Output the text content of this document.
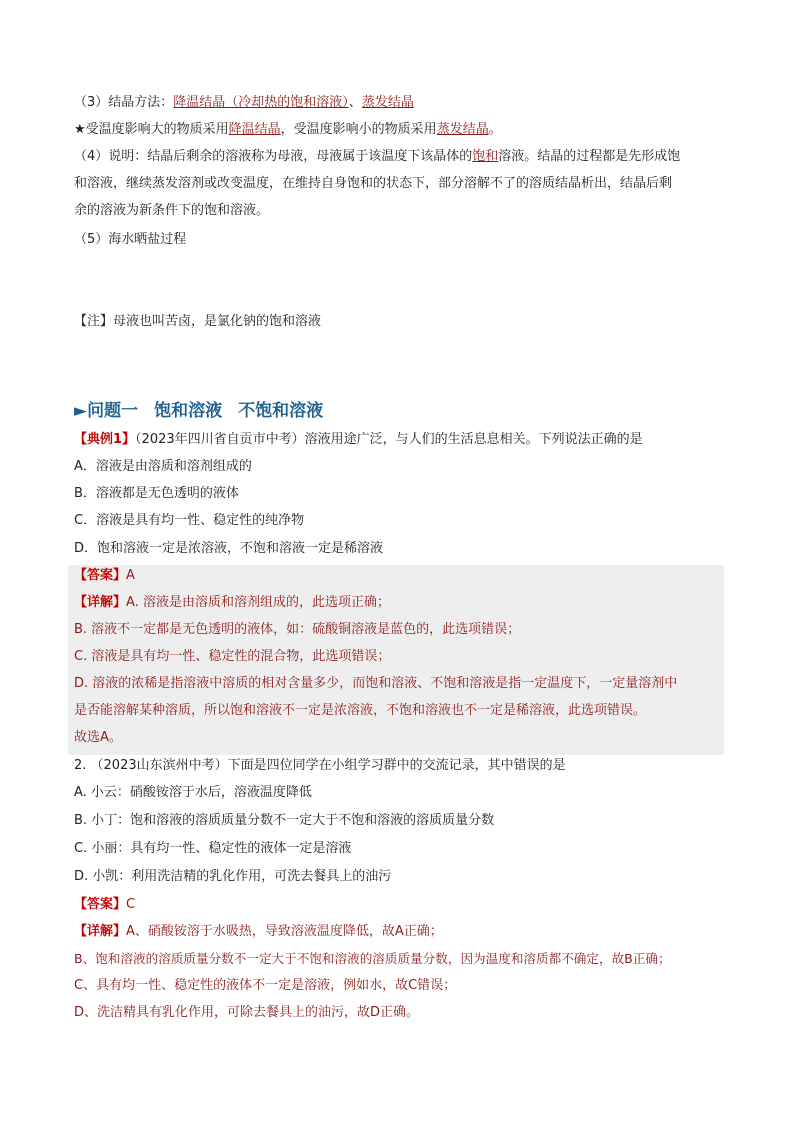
（3）结晶方法：降温结晶（冷却热的饱和溶液）、蒸发结晶
★受温度影响大的物质采用降温结晶，受温度影响小的物质采用蒸发结晶。
（4）说明：结晶后剩余的溶液称为母液，母液属于该温度下该晶体的饱和溶液。结晶的过程都是先形成饱
和溶液，继续蒸发溶剂或改变温度，在维持自身饱和的状态下，部分溶解不了的溶质结晶析出，结晶后剩
余的溶液为新条件下的饱和溶液。
（5）海水晒盐过程
【注】母液也叫苦卤，是氯化钠的饱和溶液
►问题一 饱和溶液 不饱和溶液
【典例1】（2023年四川省自贡市中考）溶液用途广泛，与人们的生活息息相关。下列说法正确的是
A．溶液是由溶质和溶剂组成的
B．溶液都是无色透明的液体
C．溶液是具有均一性、稳定性的纯净物
D．饱和溶液一定是浓溶液，不饱和溶液一定是稀溶液
【答案】A
【详解】A. 溶液是由溶质和溶剂组成的，此选项正确；
B. 溶液不一定都是无色透明的液体，如：硫酸铜溶液是蓝色的，此选项错误；
C. 溶液是具有均一性、稳定性的混合物，此选项错误；
D. 溶液的浓稀是指溶液中溶质的相对含量多少，而饱和溶液、不饱和溶液是指一定温度下，一定量溶剂中
是否能溶解某种溶质，所以饱和溶液不一定是浓溶液，不饱和溶液也不一定是稀溶液，此选项错误。
故选A。
2. （2023山东滨州中考）下面是四位同学在小组学习群中的交流记录，其中错误的是
A. 小云：硝酸铵溶于水后，溶液温度降低
B. 小丁：饱和溶液的溶质质量分数不一定大于不饱和溶液的溶质质量分数
C. 小丽：具有均一性、稳定性的液体一定是溶液
D. 小凯：利用洗洁精的乳化作用，可洗去餐具上的油污
【答案】C
【详解】A、硝酸铵溶于水吸热，导致溶液温度降低，故A正确；
B、饱和溶液的溶质质量分数不一定大于不饱和溶液的溶质质量分数，因为温度和溶质都不确定，故B正确；
C、具有均一性、稳定性的液体不一定是溶液，例如水，故C错误；
D、洗洁精具有乳化作用，可除去餐具上的油污，故D正确。
